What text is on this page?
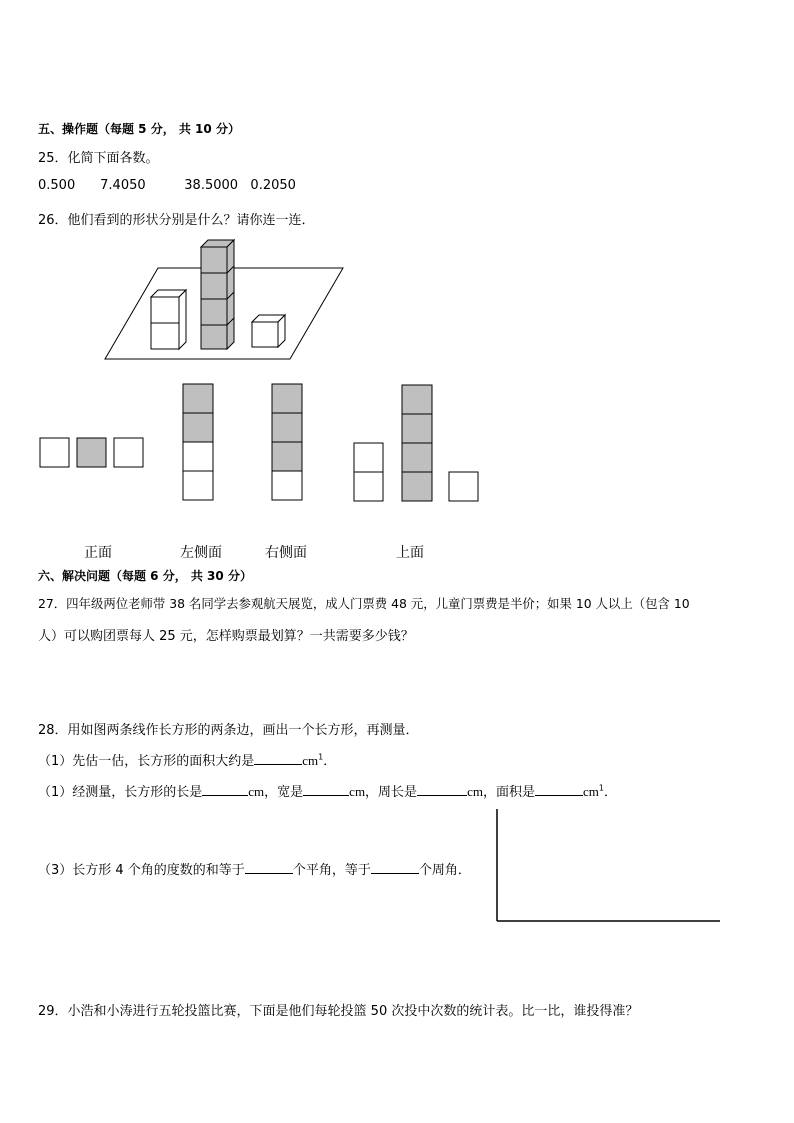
五、操作题（每题 5 分， 共 10 分）
25．化简下面各数。
0.500 7.4050	38.5000 0.2050
26．他们看到的形状分别是什么？请你连一连．
正面	左侧面	右侧面	上面
六、解决问题（每题 6 分， 共 30 分）
27．四年级两位老师带 38 名同学去参观航天展览，成人门票费 48 元，儿童门票费是半价；如果 10 人以上（包含 10
人）可以购团票每人 25 元，怎样购票最划算？一共需要多少钱？
28．用如图两条线作长方形的两条边，画出一个长方形，再测量．
（1）先估一估，长方形的面积大约是	$cm^1$．
（1）经测量，长方形的长是	cm，宽是	cm，周长是	cm，面积是	$cm^1$．
（3）长方形 4 个角的度数的和等于	个平角，等于	个周角．
29．小浩和小涛进行五轮投篮比赛，下面是他们每轮投篮 50 次投中次数的统计表。比一比，谁投得准？
